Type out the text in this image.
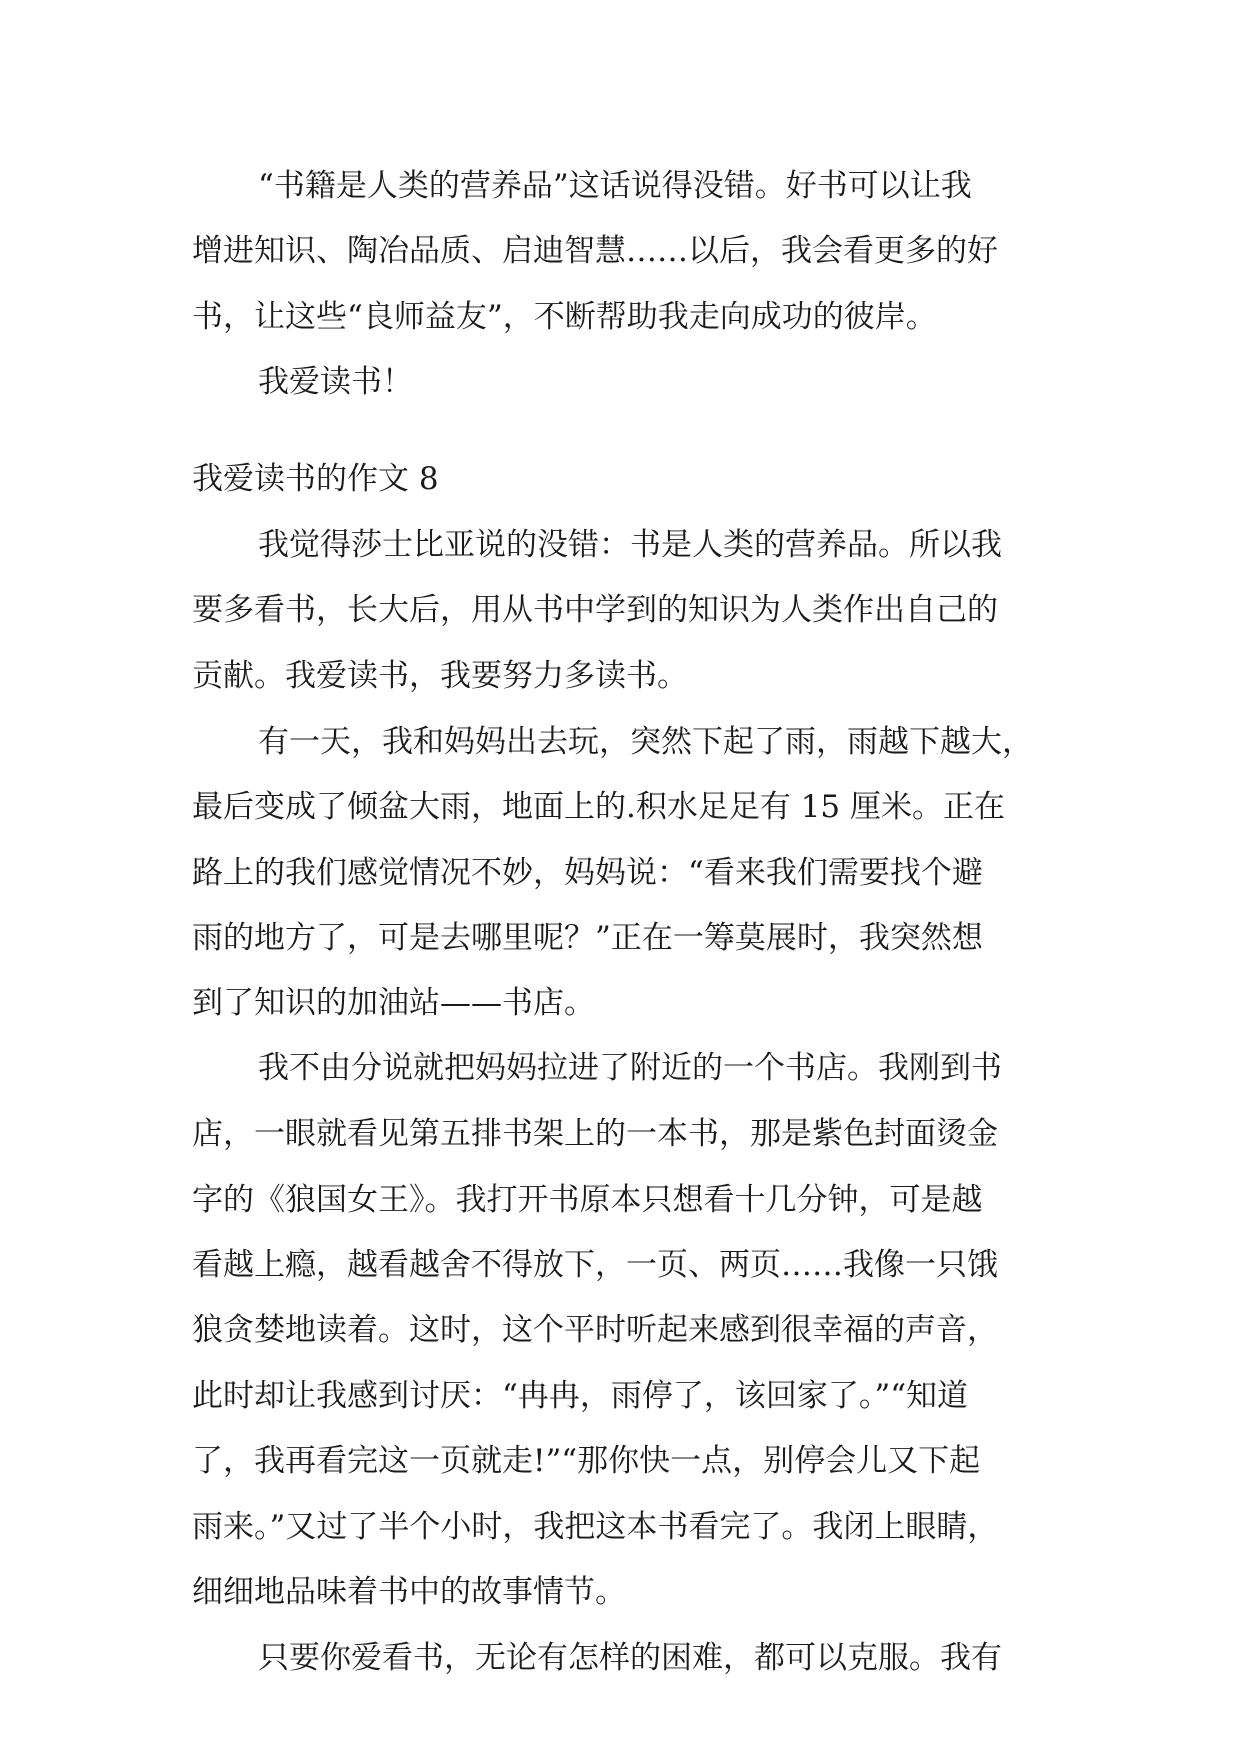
“书籍是人类的营养品”这话说得没错。好书可以让我
增进知识、陶冶品质、启迪智慧……以后，我会看更多的好
书，让这些“良师益友”，不断帮助我走向成功的彼岸。
我爱读书！
我爱读书的作文 8
我觉得莎士比亚说的没错：书是人类的营养品。所以我
要多看书，长大后，用从书中学到的知识为人类作出自己的
贡献。我爱读书，我要努力多读书。
有一天，我和妈妈出去玩，突然下起了雨，雨越下越大，
最后变成了倾盆大雨，地面上的.积水足足有 15 厘米。正在
路上的我们感觉情况不妙，妈妈说：“看来我们需要找个避
雨的地方了，可是去哪里呢？”正在一筹莫展时，我突然想
到了知识的加油站——书店。
我不由分说就把妈妈拉进了附近的一个书店。我刚到书
店，一眼就看见第五排书架上的一本书，那是紫色封面烫金
字的《狼国女王》。我打开书原本只想看十几分钟，可是越
看越上瘾，越看越舍不得放下，一页、两页……我像一只饿
狼贪婪地读着。这时，这个平时听起来感到很幸福的声音，
此时却让我感到讨厌：“冉冉，雨停了，该回家了。”“知道
了，我再看完这一页就走!”“那你快一点，别停会儿又下起
雨来。”又过了半个小时，我把这本书看完了。我闭上眼睛，
细细地品味着书中的故事情节。
只要你爱看书，无论有怎样的困难，都可以克服。我有
